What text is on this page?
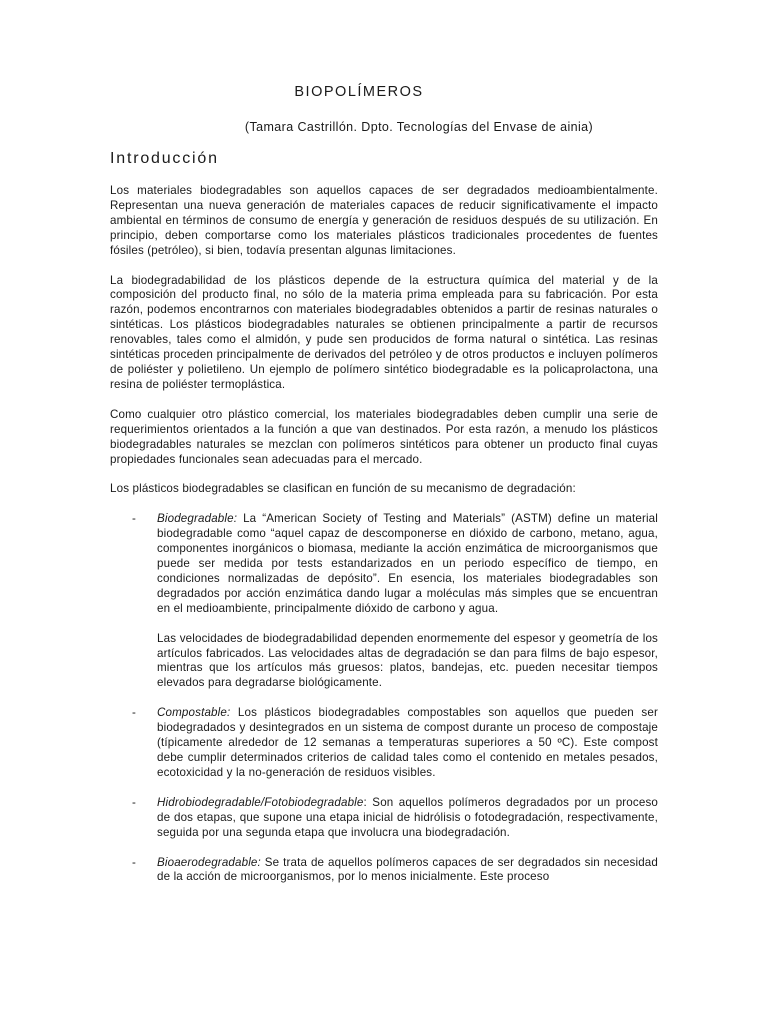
BIOPOLÍMEROS
(Tamara Castrillón. Dpto. Tecnologías del Envase de ainia)
Introducción

Los materiales biodegradables son aquellos capaces de ser degradados medioambientalmente. Representan una nueva generación de materiales capaces de reducir significativamente el impacto ambiental en términos de consumo de energía y generación de residuos después de su utilización. En principio, deben comportarse como los materiales plásticos tradicionales procedentes de fuentes fósiles (petróleo), si bien, todavía presentan algunas limitaciones.

La biodegradabilidad de los plásticos depende de la estructura química del material y de la composición del producto final, no sólo de la materia prima empleada para su fabricación. Por esta razón, podemos encontrarnos con materiales biodegradables obtenidos a partir de resinas naturales o sintéticas. Los plásticos biodegradables naturales se obtienen principalmente a partir de recursos renovables, tales como el almidón, y pude sen producidos de forma natural o sintética. Las resinas sintéticas proceden principalmente de derivados del petróleo y de otros productos e incluyen polímeros de poliéster y polietileno. Un ejemplo de polímero sintético biodegradable es la policaprolactona, una resina de poliéster termoplástica.

Como cualquier otro plástico comercial, los materiales biodegradables deben cumplir una serie de requerimientos orientados a la función a que van destinados. Por esta razón, a menudo los plásticos biodegradables naturales se mezclan con polímeros sintéticos para obtener un producto final cuyas propiedades funcionales sean adecuadas para el mercado.

Los plásticos biodegradables se clasifican en función de su mecanismo de degradación:

- Biodegradable: La “American Society of Testing and Materials” (ASTM) define un material biodegradable como “aquel capaz de descomponerse en dióxido de carbono, metano, agua, componentes inorgánicos o biomasa, mediante la acción enzimática de microorganismos que puede ser medida por tests estandarizados en un periodo específico de tiempo, en condiciones normalizadas de depósito”. En esencia, los materiales biodegradables son degradados por acción enzimática dando lugar a moléculas más simples que se encuentran en el medioambiente, principalmente dióxido de carbono y agua.

Las velocidades de biodegradabilidad dependen enormemente del espesor y geometría de los artículos fabricados. Las velocidades altas de degradación se dan para films de bajo espesor, mientras que los artículos más gruesos: platos, bandejas, etc. pueden necesitar tiempos elevados para degradarse biológicamente.

- Compostable: Los plásticos biodegradables compostables son aquellos que pueden ser biodegradados y desintegrados en un sistema de compost durante un proceso de compostaje (típicamente alrededor de 12 semanas a temperaturas superiores a 50 ºC). Este compost debe cumplir determinados criterios de calidad tales como el contenido en metales pesados, ecotoxicidad y la no-generación de residuos visibles.

- Hidrobiodegradable/Fotobiodegradable: Son aquellos polímeros degradados por un proceso de dos etapas, que supone una etapa inicial de hidrólisis o fotodegradación, respectivamente, seguida por una segunda etapa que involucra una biodegradación.

- Bioaerodegradable: Se trata de aquellos polímeros capaces de ser degradados sin necesidad de la acción de microorganismos, por lo menos inicialmente. Este proceso
